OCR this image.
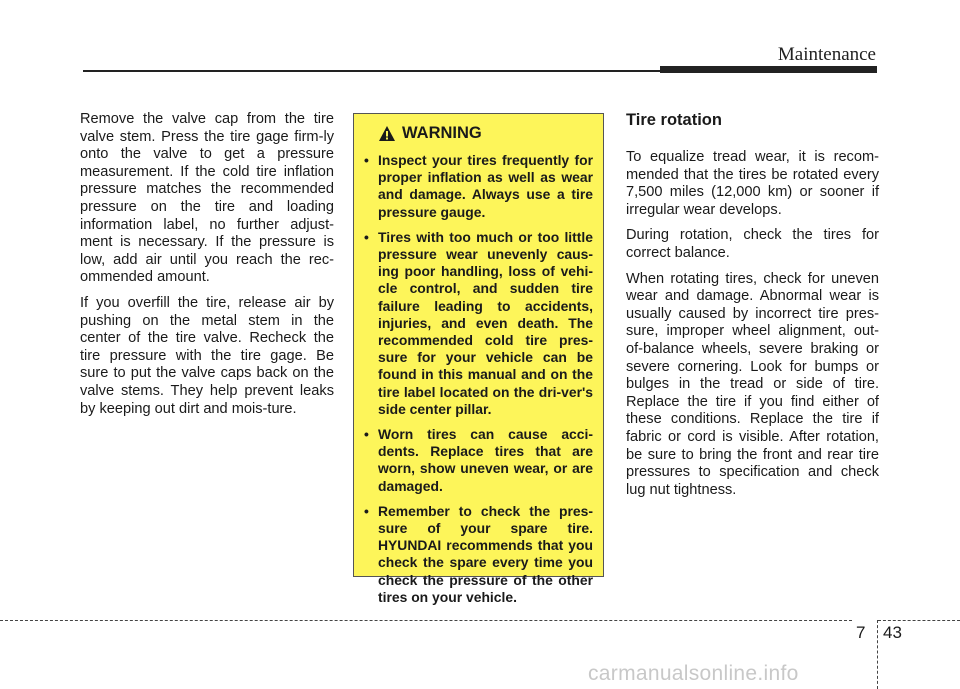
Maintenance

Remove the valve cap from the tire valve stem. Press the tire gage firm-ly onto the valve to get a pressure measurement. If the cold tire inflation pressure matches the recommended pressure on the tire and loading information label, no further adjust-ment is necessary. If the pressure is low, add air until you reach the rec-ommended amount.

If you overfill the tire, release air by pushing on the metal stem in the center of the tire valve. Recheck the tire pressure with the tire gage. Be sure to put the valve caps back on the valve stems. They help prevent leaks by keeping out dirt and mois-ture.

WARNING
• Inspect your tires frequently for proper inflation as well as wear and damage. Always use a tire pressure gauge.
• Tires with too much or too little pressure wear unevenly caus-ing poor handling, loss of vehi-cle control, and sudden tire failure leading to accidents, injuries, and even death. The recommended cold tire pres-sure for your vehicle can be found in this manual and on the tire label located on the dri-ver's side center pillar.
• Worn tires can cause acci-dents. Replace tires that are worn, show uneven wear, or are damaged.
• Remember to check the pres-sure of your spare tire. HYUNDAI recommends that you check the spare every time you check the pressure of the other tires on your vehicle.
Tire rotation

To equalize tread wear, it is recom-mended that the tires be rotated every 7,500 miles (12,000 km) or sooner if irregular wear develops.

During rotation, check the tires for correct balance.

When rotating tires, check for uneven wear and damage. Abnormal wear is usually caused by incorrect tire pres-sure, improper wheel alignment, out-of-balance wheels, severe braking or severe cornering. Look for bumps or bulges in the tread or side of tire. Replace the tire if you find either of these conditions. Replace the tire if fabric or cord is visible. After rotation, be sure to bring the front and rear tire pressures to specification and check lug nut tightness.

7 43
carmanualsonline.info
